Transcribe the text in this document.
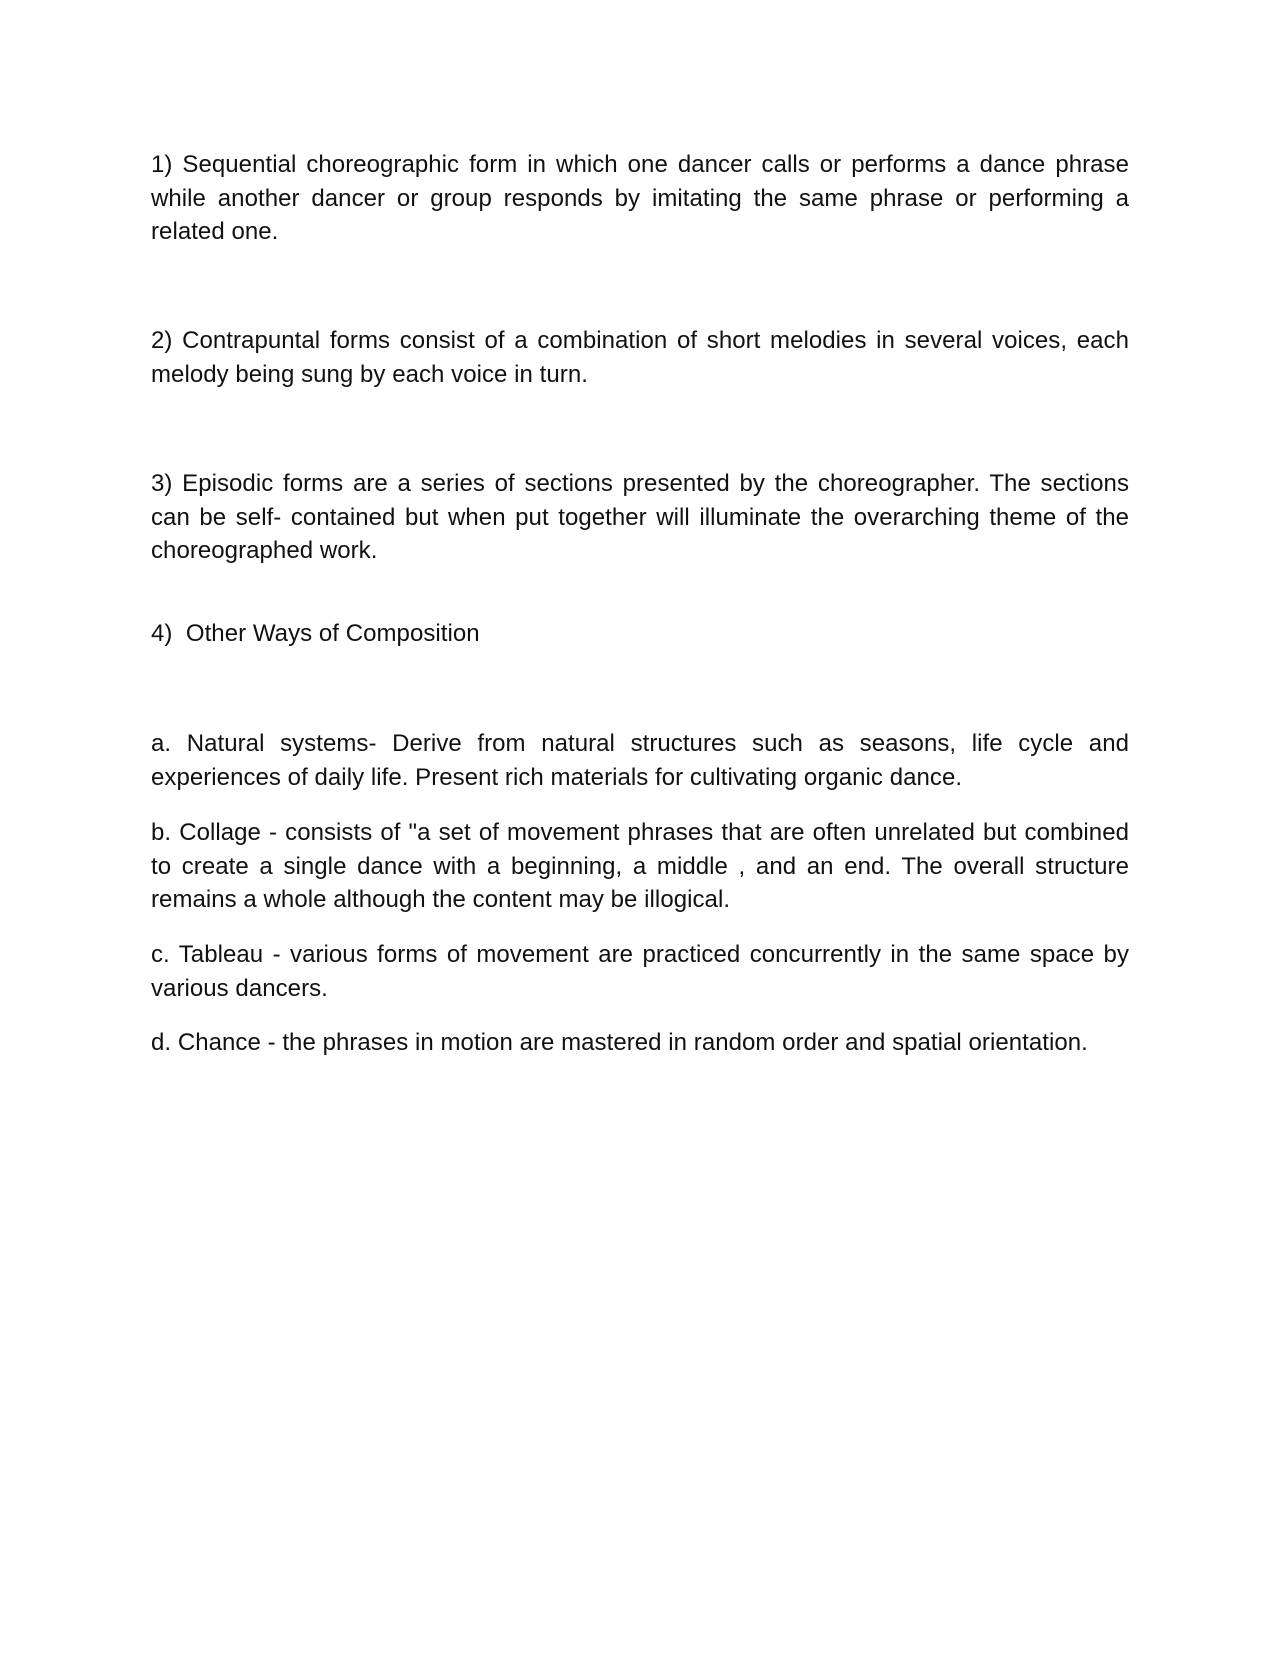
1) Sequential choreographic form in which one dancer calls or performs a dance phrase while another dancer or group responds by imitating the same phrase or performing a related one.

2) Contrapuntal forms consist of a combination of short melodies in several voices, each melody being sung by each voice in turn.

3) Episodic forms are a series of sections presented by the choreographer. The sections can be self- contained but when put together will illuminate the overarching theme of the choreographed work.

4)  Other Ways of Composition

a. Natural systems- Derive from natural structures such as seasons, life cycle and experiences of daily life. Present rich materials for cultivating organic dance.

b. Collage - consists of "a set of movement phrases that are often unrelated but combined to create a single dance with a beginning, a middle , and an end. The overall structure remains a whole although the content may be illogical.

c. Tableau - various forms of movement are practiced concurrently in the same space by various dancers.

d. Chance - the phrases in motion are mastered in random order and spatial orientation.
